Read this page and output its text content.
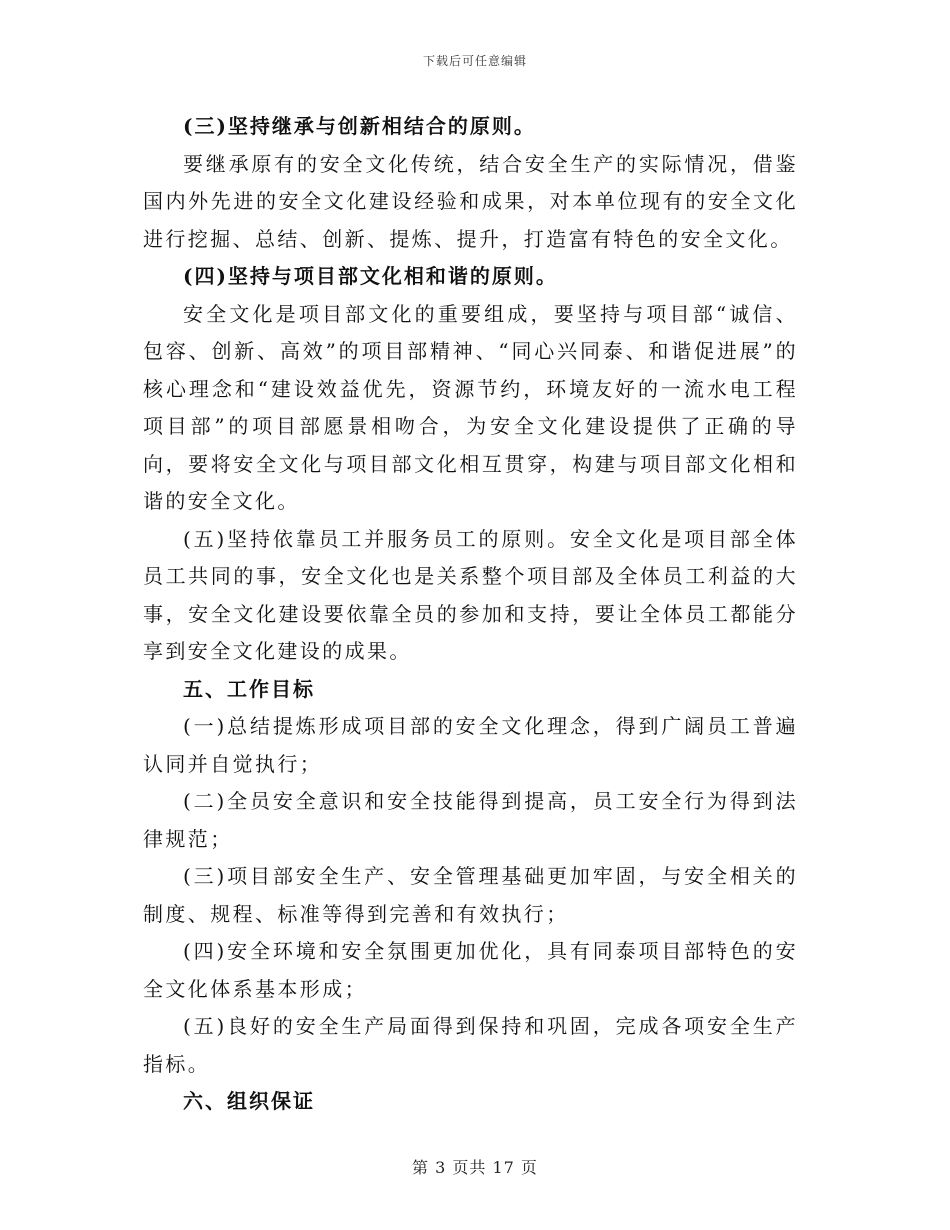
下载后可任意编辑

(三)坚持继承与创新相结合的原则。

要继承原有的安全文化传统，结合安全生产的实际情况，借鉴国内外先进的安全文化建设经验和成果，对本单位现有的安全文化进行挖掘、总结、创新、提炼、提升，打造富有特色的安全文化。

(四)坚持与项目部文化相和谐的原则。

安全文化是项目部文化的重要组成，要坚持与项目部“诚信、包容、创新、高效”的项目部精神、“同心兴同泰、和谐促进展”的核心理念和“建设效益优先，资源节约，环境友好的一流水电工程项目部”的项目部愿景相吻合，为安全文化建设提供了正确的导向，要将安全文化与项目部文化相互贯穿，构建与项目部文化相和谐的安全文化。

(五)坚持依靠员工并服务员工的原则。安全文化是项目部全体员工共同的事，安全文化也是关系整个项目部及全体员工利益的大事，安全文化建设要依靠全员的参加和支持，要让全体员工都能分享到安全文化建设的成果。

五、工作目标

(一)总结提炼形成项目部的安全文化理念，得到广阔员工普遍认同并自觉执行；

(二)全员安全意识和安全技能得到提高，员工安全行为得到法律规范；

(三)项目部安全生产、安全管理基础更加牢固，与安全相关的制度、规程、标准等得到完善和有效执行；

(四)安全环境和安全氛围更加优化，具有同泰项目部特色的安全文化体系基本形成；

(五)良好的安全生产局面得到保持和巩固，完成各项安全生产指标。

六、组织保证

第 3 页共 17 页
